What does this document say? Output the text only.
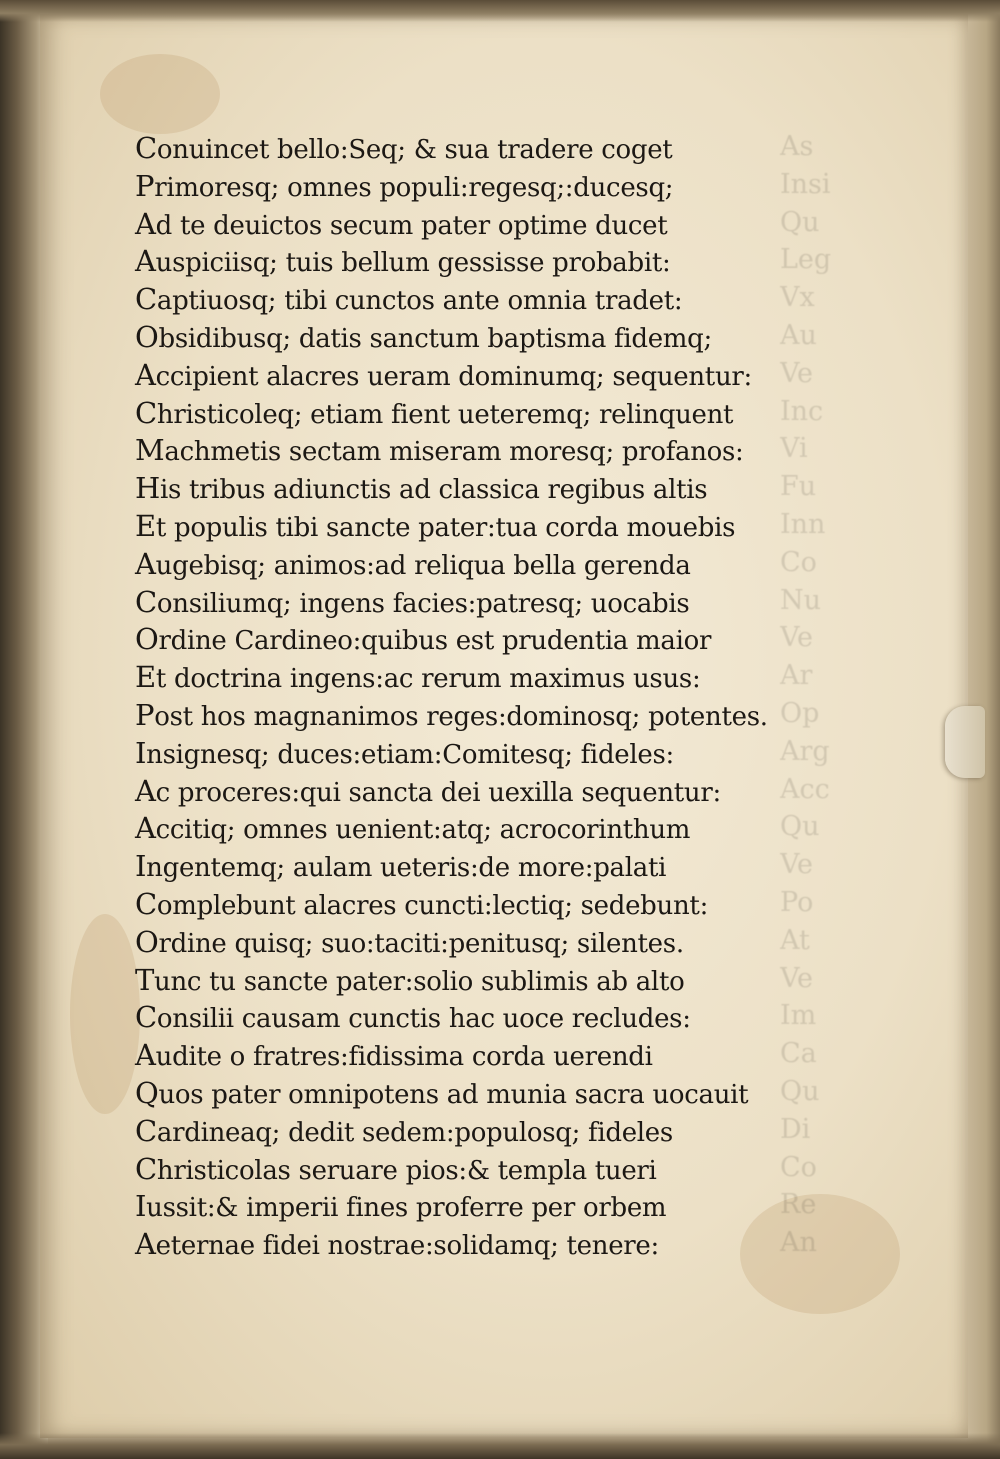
As
Insi
Qu
Leg
Vx
Au
Ve
Inc
Vi
Fu
Inn
Co
Nu
Ve
Ar
Op
Arg
Acc
Qu
Ve
Po
At
Ve
Im
Ca
Qu
Di
Co
Re
An
Conuincet bello:Seq; & sua tradere coget
Primoresq; omnes populi:regesq;:ducesq;
Ad te deuictos secum pater optime ducet
Auspiciisq; tuis bellum gessisse probabit:
Captiuosq; tibi cunctos ante omnia tradet:
Obsidibusq; datis sanctum baptisma fidemq;
Accipient alacres ueram dominumq; sequentur:
Christicoleq; etiam fient ueteremq; relinquent
Machmetis sectam miseram moresq; profanos:
His tribus adiunctis ad classica regibus altis
Et populis tibi sancte pater:tua corda mouebis
Augebisq; animos:ad reliqua bella gerenda
Consiliumq; ingens facies:patresq; uocabis
Ordine Cardineo:quibus est prudentia maior
Et doctrina ingens:ac rerum maximus usus:
Post hos magnanimos reges:dominosq; potentes.
Insignesq; duces:etiam:Comitesq; fideles:
Ac proceres:qui sancta dei uexilla sequentur:
Accitiq; omnes uenient:atq; acrocorinthum
Ingentemq; aulam ueteris:de more:palati
Complebunt alacres cuncti:lectiq; sedebunt:
Ordine quisq; suo:taciti:penitusq; silentes.
Tunc tu sancte pater:solio sublimis ab alto
Consilii causam cunctis hac uoce recludes:
Audite o fratres:fidissima corda uerendi
Quos pater omnipotens ad munia sacra uocauit
Cardineaq; dedit sedem:populosq; fideles
Christicolas seruare pios:& templa tueri
Iussit:& imperii fines proferre per orbem
Aeternae fidei nostrae:solidamq; tenere:
